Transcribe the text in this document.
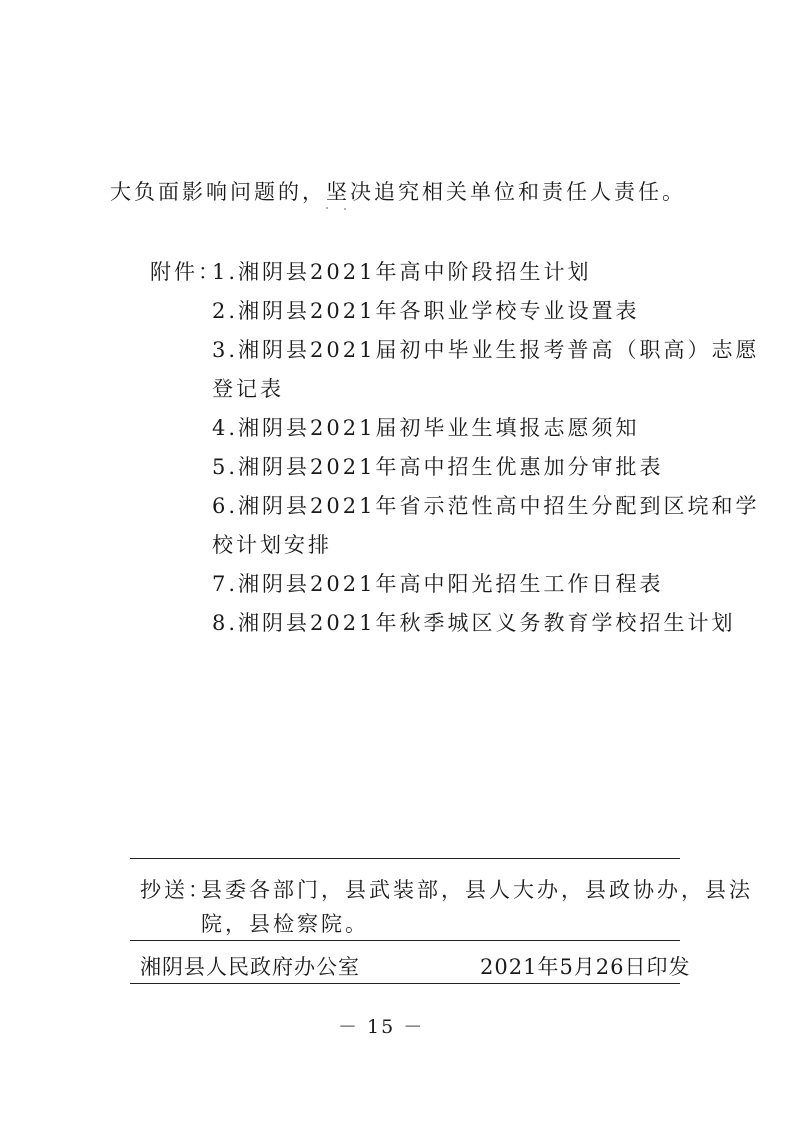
大负面影响问题的，坚决追究相关单位和责任人责任。
附件：
1.湘阴县2021年高中阶段招生计划
2.湘阴县2021年各职业学校专业设置表
3.湘阴县2021届初中毕业生报考普高（职高）志愿
登记表
4.湘阴县2021届初毕业生填报志愿须知
5.湘阴县2021年高中招生优惠加分审批表
6.湘阴县2021年省示范性高中招生分配到区垸和学
校计划安排
7.湘阴县2021年高中阳光招生工作日程表
8.湘阴县2021年秋季城区义务教育学校招生计划
抄送：
县委各部门，县武装部，县人大办，县政协办，县法
院，县检察院。
湘阴县人民政府办公室	2021年5月26日印发
－ 15 －
